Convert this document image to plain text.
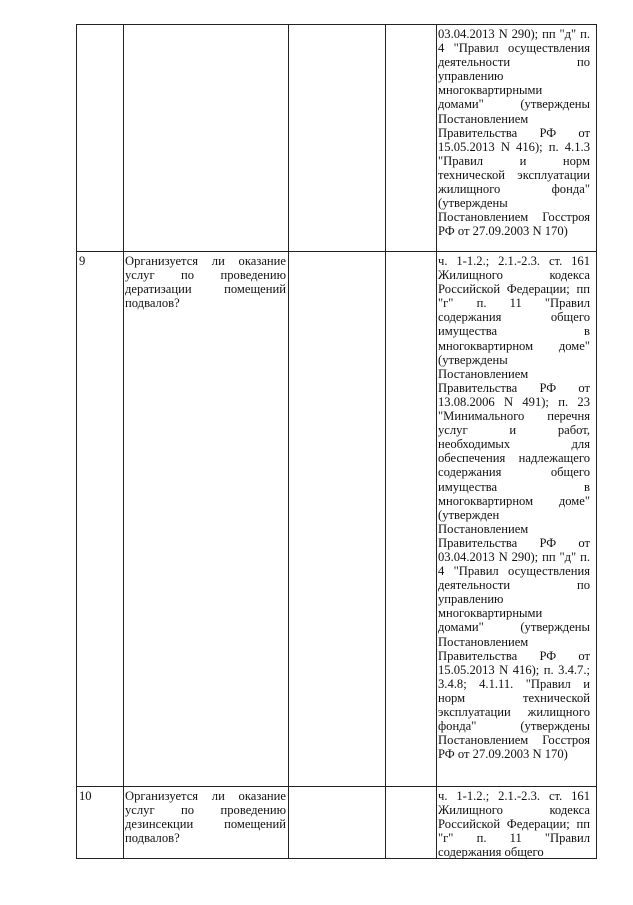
03.04.2013 N 290); пп "д" п.
4 "Правил осуществления
деятельности по
управлению
многоквартирными
домами" (утверждены
Постановлением
Правительства РФ от
15.05.2013 N 416); п. 4.1.3
"Правил и норм
технической эксплуатации
жилищного фонда"
(утверждены
Постановлением Госстроя
РФ от 27.09.2003 N 170)
9	Организуется ли оказание
услуг по проведению
дератизации помещений
подвалов?
ч. 1-1.2.; 2.1.-2.3. ст. 161
Жилищного кодекса
Российской Федерации; пп
"г" п. 11 "Правил
содержания общего
имущества в
многоквартирном доме"
(утверждены
Постановлением
Правительства РФ от
13.08.2006 N 491); п. 23
"Минимального перечня
услуг и работ,
необходимых для
обеспечения надлежащего
содержания общего
имущества в
многоквартирном доме"
(утвержден
Постановлением
Правительства РФ от
03.04.2013 N 290); пп "д" п.
4 "Правил осуществления
деятельности по
управлению
многоквартирными
домами" (утверждены
Постановлением
Правительства РФ от
15.05.2013 N 416); п. 3.4.7.;
3.4.8; 4.1.11. "Правил и
норм технической
эксплуатации жилищного
фонда" (утверждены
Постановлением Госстроя
РФ от 27.09.2003 N 170)
10	Организуется ли оказание
услуг по проведению
дезинсекции помещений
подвалов?
ч. 1-1.2.; 2.1.-2.3. ст. 161
Жилищного кодекса
Российской Федерации; пп
"г" п. 11 "Правил
содержания общего
